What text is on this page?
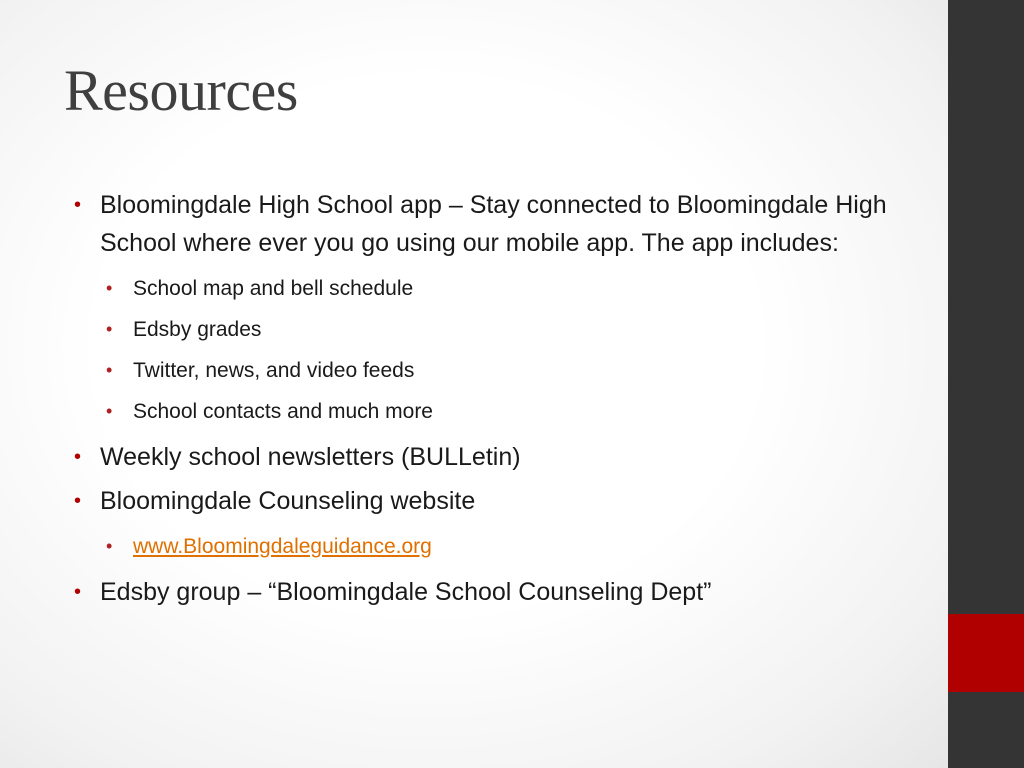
Resources
• Bloomingdale High School app – Stay connected to Bloomingdale High School where ever you go using our mobile app. The app includes:
• School map and bell schedule
• Edsby grades
• Twitter, news, and video feeds
• School contacts and much more
• Weekly school newsletters (BULLetin)
• Bloomingdale Counseling website
• www.Bloomingdaleguidance.org
• Edsby group – “Bloomingdale School Counseling Dept”
